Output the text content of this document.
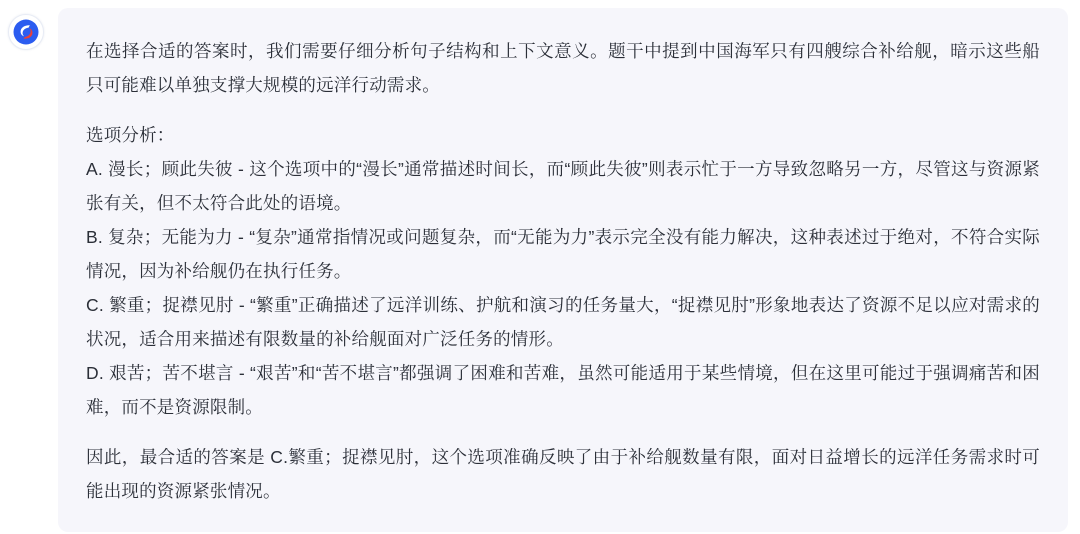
在选择合适的答案时，我们需要仔细分析句子结构和上下文意义。题干中提到中国海军只有四艘综合补给舰，暗示这些船只可能难以单独支撑大规模的远洋行动需求。

选项分析：
A. 漫长；顾此失彼 - 这个选项中的“漫长”通常描述时间长，而“顾此失彼”则表示忙于一方导致忽略另一方，尽管这与资源紧张有关，但不太符合此处的语境。
B. 复杂；无能为力 - “复杂”通常指情况或问题复杂，而“无能为力”表示完全没有能力解决，这种表述过于绝对，不符合实际情况，因为补给舰仍在执行任务。
C. 繁重；捉襟见肘 - “繁重”正确描述了远洋训练、护航和演习的任务量大，“捉襟见肘”形象地表达了资源不足以应对需求的状况，适合用来描述有限数量的补给舰面对广泛任务的情形。
D. 艰苦；苦不堪言 - “艰苦”和“苦不堪言”都强调了困难和苦难，虽然可能适用于某些情境，但在这里可能过于强调痛苦和困难，而不是资源限制。

因此，最合适的答案是 C.繁重；捉襟见肘，这个选项准确反映了由于补给舰数量有限，面对日益增长的远洋任务需求时可能出现的资源紧张情况。
